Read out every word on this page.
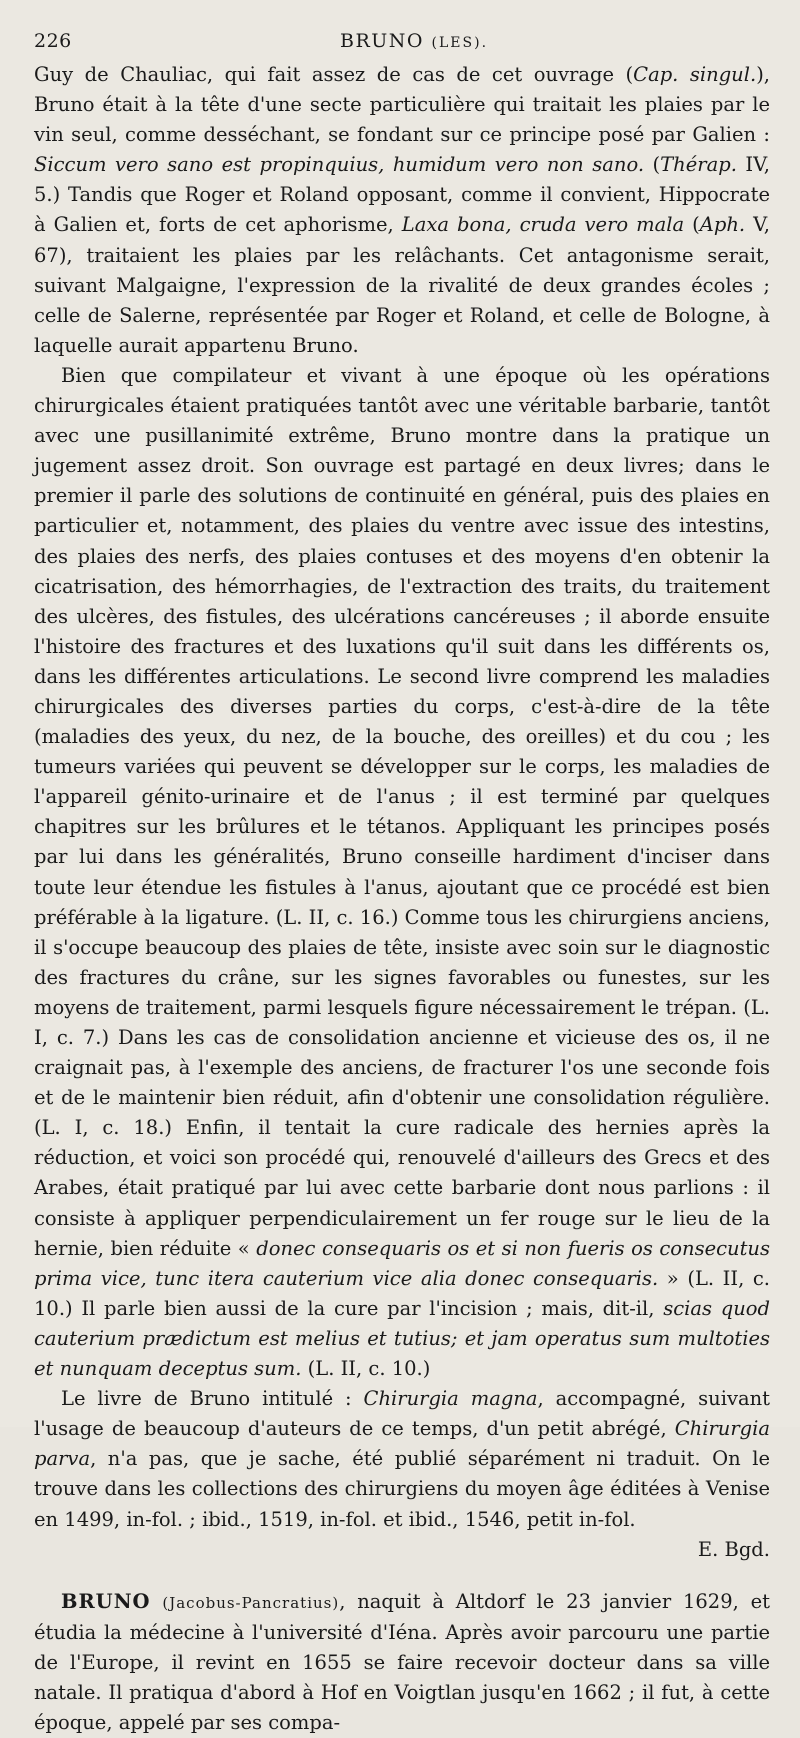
226	BRUNO (LES).

Guy de Chauliac, qui fait assez de cas de cet ouvrage (Cap. singul.), Bruno était à la tête d'une secte particulière qui traitait les plaies par le vin seul, comme desséchant, se fondant sur ce principe posé par Galien : Siccum vero sano est propinquius, humidum vero non sano. (Thérap. IV, 5.) Tandis que Roger et Roland opposant, comme il convient, Hippocrate à Galien et, forts de cet aphorisme, Laxa bona, cruda vero mala (Aph. V, 67), traitaient les plaies par les relâchants. Cet antagonisme serait, suivant Malgaigne, l'expression de la rivalité de deux grandes écoles ; celle de Salerne, représentée par Roger et Roland, et celle de Bologne, à laquelle aurait appartenu Bruno.

Bien que compilateur et vivant à une époque où les opérations chirurgicales étaient pratiquées tantôt avec une véritable barbarie, tantôt avec une pusillanimité extrême, Bruno montre dans la pratique un jugement assez droit. Son ouvrage est partagé en deux livres; dans le premier il parle des solutions de continuité en général, puis des plaies en particulier et, notamment, des plaies du ventre avec issue des intestins, des plaies des nerfs, des plaies contuses et des moyens d'en obtenir la cicatrisation, des hémorrhagies, de l'extraction des traits, du traitement des ulcères, des fistules, des ulcérations cancéreuses ; il aborde ensuite l'histoire des fractures et des luxations qu'il suit dans les différents os, dans les différentes articulations. Le second livre comprend les maladies chirurgicales des diverses parties du corps, c'est-à-dire de la tête (maladies des yeux, du nez, de la bouche, des oreilles) et du cou ; les tumeurs variées qui peuvent se développer sur le corps, les maladies de l'appareil génito-urinaire et de l'anus ; il est terminé par quelques chapitres sur les brûlures et le tétanos. Appliquant les principes posés par lui dans les généralités, Bruno conseille hardiment d'inciser dans toute leur étendue les fistules à l'anus, ajoutant que ce procédé est bien préférable à la ligature. (L. II, c. 16.) Comme tous les chirurgiens anciens, il s'occupe beaucoup des plaies de tête, insiste avec soin sur le diagnostic des fractures du crâne, sur les signes favorables ou funestes, sur les moyens de traitement, parmi lesquels figure nécessairement le trépan. (L. I, c. 7.) Dans les cas de consolidation ancienne et vicieuse des os, il ne craignait pas, à l'exemple des anciens, de fracturer l'os une seconde fois et de le maintenir bien réduit, afin d'obtenir une consolidation régulière. (L. I, c. 18.) Enfin, il tentait la cure radicale des hernies après la réduction, et voici son procédé qui, renouvelé d'ailleurs des Grecs et des Arabes, était pratiqué par lui avec cette barbarie dont nous parlions : il consiste à appliquer perpendiculairement un fer rouge sur le lieu de la hernie, bien réduite « donec consequaris os et si non fueris os consecutus prima vice, tunc itera cauterium vice alia donec consequaris. » (L. II, c. 10.) Il parle bien aussi de la cure par l'incision ; mais, dit-il, scias quod cauterium prædictum est melius et tutius; et jam operatus sum multoties et nunquam deceptus sum. (L. II, c. 10.)

Le livre de Bruno intitulé : Chirurgia magna, accompagné, suivant l'usage de beaucoup d'auteurs de ce temps, d'un petit abrégé, Chirurgia parva, n'a pas, que je sache, été publié séparément ni traduit. On le trouve dans les collections des chirurgiens du moyen âge éditées à Venise en 1499, in-fol. ; ibid., 1519, in-fol. et ibid., 1546, petit in-fol.

E. Bgd.

BRUNO (Jacobus-Pancratius), naquit à Altdorf le 23 janvier 1629, et étudia la médecine à l'université d'Iéna. Après avoir parcouru une partie de l'Europe, il revint en 1655 se faire recevoir docteur dans sa ville natale. Il pratiqua d'abord à Hof en Voigtlan jusqu'en 1662 ; il fut, à cette époque, appelé par ses compa-
